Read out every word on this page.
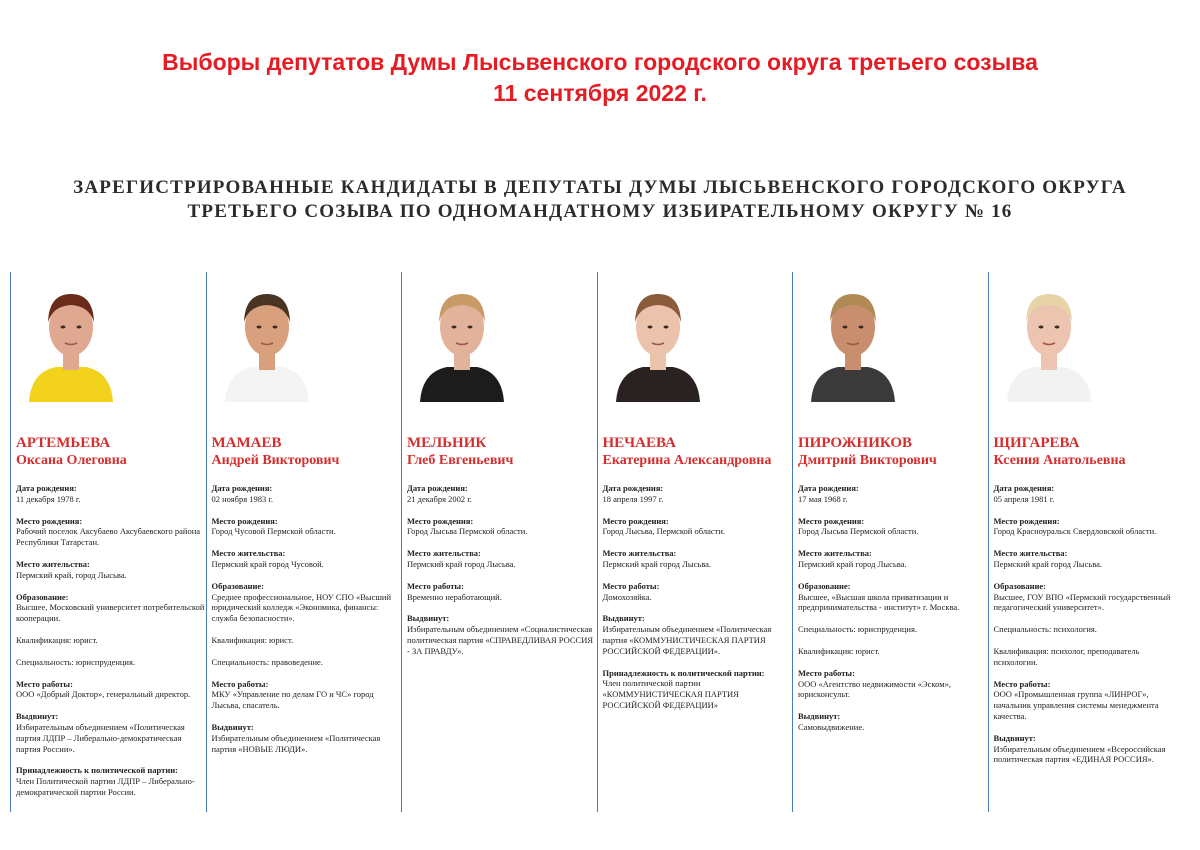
Выборы депутатов Думы Лысьвенского городского округа третьего созыва
11 сентября 2022 г.
ЗАРЕГИСТРИРОВАННЫЕ КАНДИДАТЫ В ДЕПУТАТЫ ДУМЫ ЛЫСЬВЕНСКОГО ГОРОДСКОГО ОКРУГА
ТРЕТЬЕГО СОЗЫВА ПО ОДНОМАНДАТНОМУ ИЗБИРАТЕЛЬНОМУ ОКРУГУ № 16
АРТЕМЬЕВА
Оксана Олеговна
Дата рождения:
11 декабря 1978 г.
Место рождения:
Рабочий поселок Аксубаево Аксубаевского района Республики Татарстан.
Место жительства:
Пермский край, город Лысьва.
Образование:
Высшее, Московский университет потребительской кооперации.
Квалификация: юрист.
Специальность: юриспруденция.
Место работы:
ООО «Добрый Доктор», генеральный директор.
Выдвинут:
Избирательным объединением «Политическая партия ЛДПР – Либерально-демократическая партия России».
Принадлежность к политической партии:
Член Политической партии ЛДПР – Либерально-демократической партии России.
МАМАЕВ
Андрей Викторович
Дата рождения:
02 ноября 1983 г.
Место рождения:
Город Чусовой Пермской области.
Место жительства:
Пермский край город Чусовой.
Образование:
Среднее профессиональное, НОУ СПО «Высший юридический колледж «Экономика, финансы: служба безопасности».
Квалификация: юрист.
Специальность: правоведение.
Место работы:
МКУ «Управление по делам ГО и ЧС» город Лысьва, спасатель.
Выдвинут:
Избирательным объединением «Политическая партия «НОВЫЕ ЛЮДИ».
МЕЛЬНИК
Глеб Евгеньевич
Дата рождения:
21 декабря 2002 г.
Место рождения:
Город Лысьва Пермской области.
Место жительства:
Пермский край город Лысьва.
Место работы:
Временно неработающий.
Выдвинут:
Избирательным объединением «Социалистическая политическая партия «СПРАВЕДЛИВАЯ РОССИЯ - ЗА ПРАВДУ».
НЕЧАЕВА
Екатерина Александровна
Дата рождения:
18 апреля 1997 г.
Место рождения:
Город Лысьва, Пермской области.
Место жительства:
Пермский край город Лысьва.
Место работы:
Домохозяйка.
Выдвинут:
Избирательным объединением «Политическая партия «КОММУНИСТИЧЕСКАЯ ПАРТИЯ РОССИЙСКОЙ ФЕДЕРАЦИИ».
Принадлежность к политической партии:
Член политической партии «КОММУНИСТИЧЕСКАЯ ПАРТИЯ РОССИЙСКОЙ ФЕДЕРАЦИИ»
ПИРОЖНИКОВ
Дмитрий Викторович
Дата рождения:
17 мая 1968 г.
Место рождения:
Город Лысьва Пермской области.
Место жительства:
Пермский край город Лысьва.
Образование:
Высшее, «Высшая школа приватизации и предпринимательства - институт» г. Москва.
Специальность: юриспруденция.
Квалификация: юрист.
Место работы:
ООО «Агентство недвижимости «Эском», юрисконсульт.
Выдвинут:
Самовыдвижение.
ЩИГАРЕВА
Ксения Анатольевна
Дата рождения:
05 апреля 1981 г.
Место рождения:
Город Красноуральск Свердловской области.
Место жительства:
Пермский край город Лысьва.
Образование:
Высшее, ГОУ ВПО «Пермский государственный педагогический университет».
Специальность: психология.
Квалификация: психолог, преподаватель психологии.
Место работы:
ООО «Промышленная группа «ЛИНРОГ», начальник управления системы менеджмента качества.
Выдвинут:
Избирательным объединением «Всероссийская политическая партия «ЕДИНАЯ РОССИЯ».
